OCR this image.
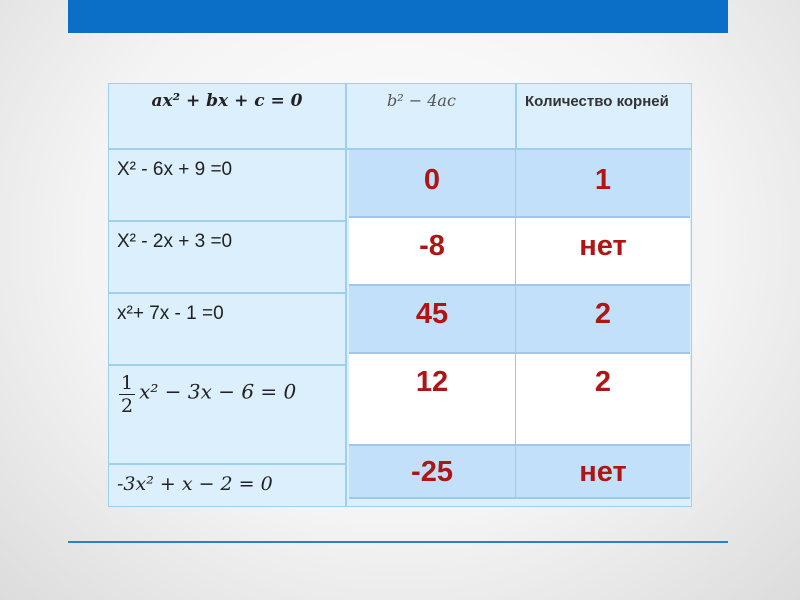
ax² + bx + c = 0	b² − 4ac	Количество корней
X² - 6x + 9 =0
X² - 2x + 3 =0
x²+ 7x - 1 =0
$\frac{1}{2} x^2 - 3x - 6 = 0$
-3x² + x − 2 = 0
0
-8
45
12
-25
1
нет
2
2
нет
